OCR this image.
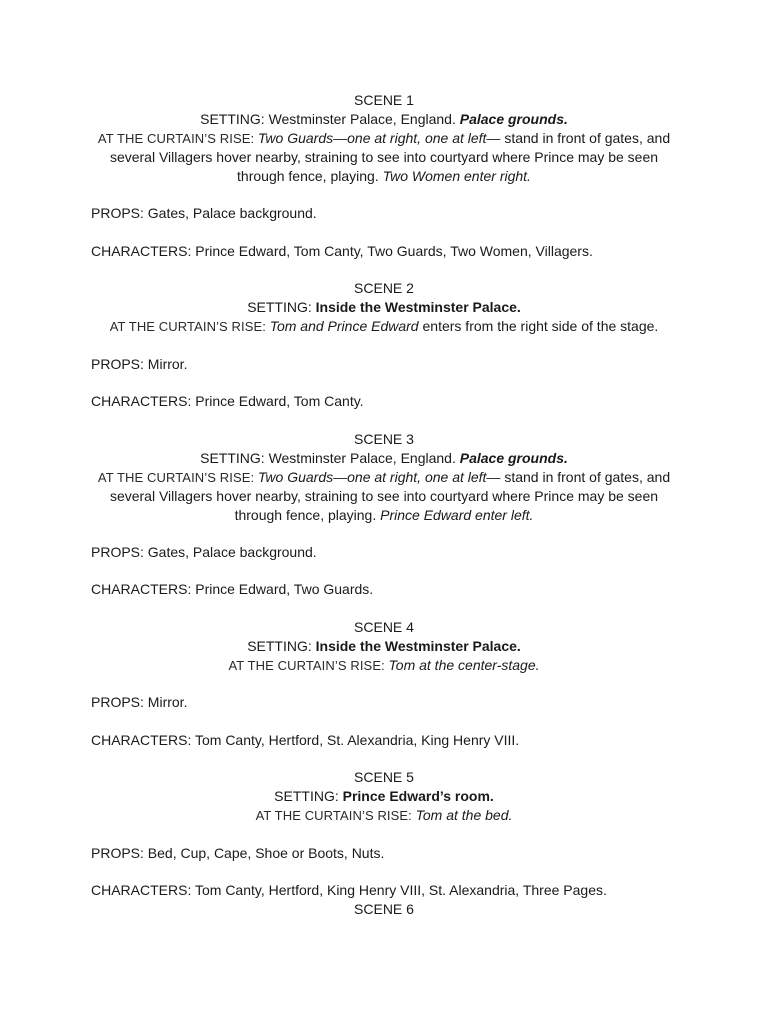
SCENE 1
SETTING: Westminster Palace, England. Palace grounds.
AT THE CURTAIN’S RISE: Two Guards—one at right, one at left— stand in front of gates, and
several Villagers hover nearby, straining to see into courtyard where Prince may be seen
through fence, playing. Two Women enter right.
PROPS: Gates, Palace background.
CHARACTERS: Prince Edward, Tom Canty, Two Guards, Two Women, Villagers.
SCENE 2
SETTING: Inside the Westminster Palace.
AT THE CURTAIN’S RISE: Tom and Prince Edward enters from the right side of the stage.
PROPS: Mirror.
CHARACTERS: Prince Edward, Tom Canty.
SCENE 3
SETTING: Westminster Palace, England. Palace grounds.
AT THE CURTAIN’S RISE: Two Guards—one at right, one at left— stand in front of gates, and
several Villagers hover nearby, straining to see into courtyard where Prince may be seen
through fence, playing. Prince Edward enter left.
PROPS: Gates, Palace background.
CHARACTERS: Prince Edward, Two Guards.
SCENE 4
SETTING: Inside the Westminster Palace.
AT THE CURTAIN’S RISE: Tom at the center-stage.
PROPS: Mirror.
CHARACTERS: Tom Canty, Hertford, St. Alexandria, King Henry VIII.
SCENE 5
SETTING: Prince Edward’s room.
AT THE CURTAIN’S RISE: Tom at the bed.
PROPS: Bed, Cup, Cape, Shoe or Boots, Nuts.
CHARACTERS: Tom Canty, Hertford, King Henry VIII, St. Alexandria, Three Pages.
SCENE 6
